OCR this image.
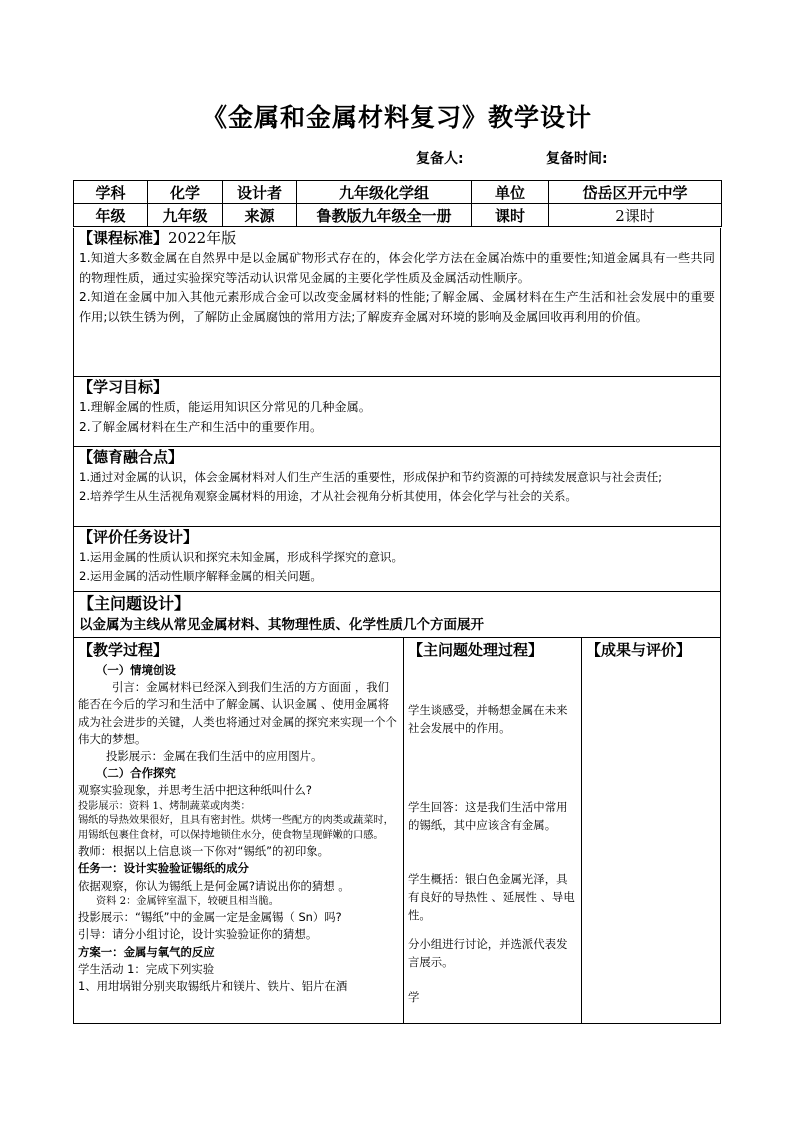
《金属和金属材料复习》教学设计
复备人:	复备时间:
学科	化学	设计者	九年级化学组	单位	岱岳区开元中学
年级	九年级	来源	鲁教版九年级全一册	课时	2课时
【课程标准】2022年版
1.知道大多数金属在自然界中是以金属矿物形式存在的，体会化学方法在金属冶炼中的重要性;知道金属具有一些共同的物理性质，通过实验探究等活动认识常见金属的主要化学性质及金属活动性顺序。
2.知道在金属中加入其他元素形成合金可以改变金属材料的性能;了解金属、金属材料在生产生活和社会发展中的重要作用;以铁生锈为例，了解防止金属腐蚀的常用方法;了解废弃金属对环境的影响及金属回收再利用的价值。
【学习目标】
1.理解金属的性质，能运用知识区分常见的几种金属。
2.了解金属材料在生产和生活中的重要作用。
【德育融合点】
1.通过对金属的认识，体会金属材料对人们生产生活的重要性，形成保护和节约资源的可持续发展意识与社会责任;
2.培养学生从生活视角观察金属材料的用途，才从社会视角分析其使用，体会化学与社会的关系。
【评价任务设计】
1.运用金属的性质认识和探究未知金属，形成科学探究的意识。
2.运用金属的活动性顺序解释金属的相关问题。
【主问题设计】
以金属为主线从常见金属材料、其物理性质、化学性质几个方面展开
【教学过程】
（一）情境创设
引言：金属材料已经深入到我们生活的方方面面 ，我们能否在今后的学习和生活中了解金属、认识金属 、使用金属将成为社会进步的关键，人类也将通过对金属的探究来实现一个个伟大的梦想。
投影展示：金属在我们生活中的应用图片。
（二）合作探究
观察实验现象，并思考生活中把这种纸叫什么?
投影展示：资料 1、烤制蔬菜或肉类：
锡纸的导热效果很好，且具有密封性。烘烤一些配方的肉类或蔬菜时，用锡纸包裹住食材，可以保持地锁住水分，使食物呈现鲜嫩的口感。
教师：根据以上信息谈一下你对“锡纸”的初印象。
任务一：设计实验验证锡纸的成分
依据观察，你认为锡纸上是何金属?请说出你的猜想 。
资料 2：金属锌室温下，较硬且相当脆。
投影展示：“锡纸”中的金属一定是金属锡（ Sn）吗?
引导：请分小组讨论，设计实验验证你的猜想。
方案一：金属与氧气的反应
学生活动 1：完成下列实验
1、用坩埚钳分别夹取锡纸片和镁片、铁片、铝片在酒
【主问题处理过程】
学生谈感受，并畅想金属在未来社会发展中的作用。
学生回答：这是我们生活中常用的锡纸，其中应该含有金属。
学生概括：银白色金属光泽，具有良好的导热性 、延展性 、导电性。
分小组进行讨论，并选派代表发言展示。
学
【成果与评价】
